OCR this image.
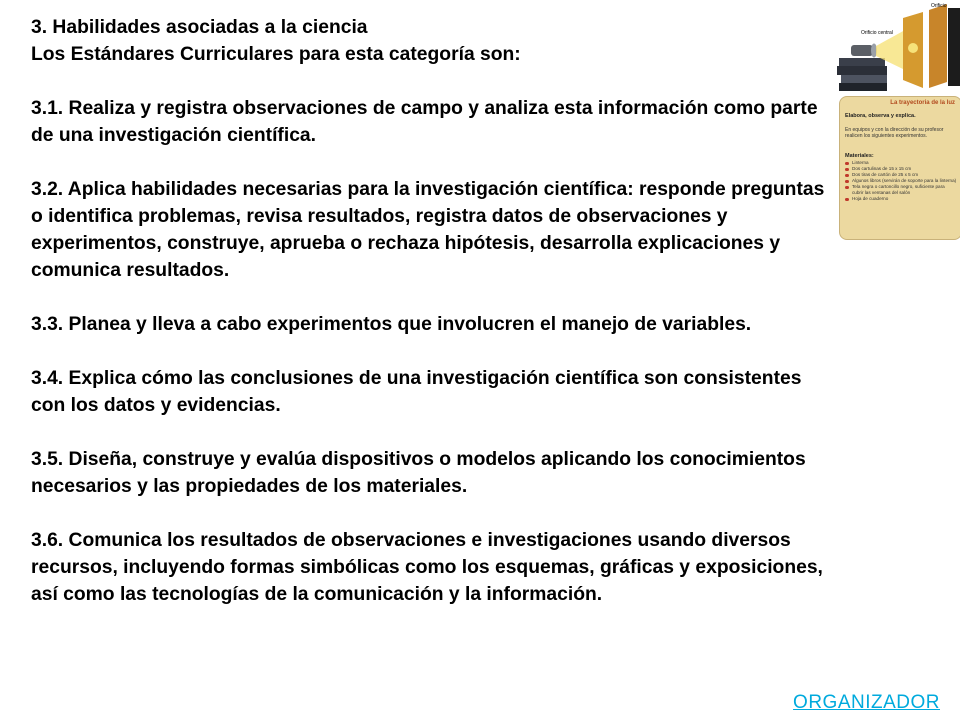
3. Habilidades asociadas a la ciencia

Los Estándares Curriculares para esta categoría son:

3.1. Realiza y registra observaciones de campo y analiza esta información como parte de una investigación científica.

3.2. Aplica habilidades necesarias para la investigación científica: responde preguntas o identifica problemas, revisa resultados, registra datos de observaciones y experimentos, construye, aprueba o rechaza hipótesis, desarrolla explicaciones y comunica resultados.

3.3. Planea y lleva a cabo experimentos que involucren el manejo de variables.

3.4. Explica cómo las conclusiones de una investigación científica son consistentes con los datos y evidencias.

3.5. Diseña, construye y evalúa dispositivos o modelos aplicando los conocimientos necesarios y las propiedades de los materiales.

3.6. Comunica los resultados de observaciones e investigaciones usando diversos recursos, incluyendo formas simbólicas como los esquemas, gráficas y exposiciones, así como las tecnologías de la comunicación y la información.

Orificio central
Orificio
La trayectoria de la luz
Elabora, observa y explica.
En equipos y con la dirección de su profesor realicen los siguientes experimentos.
Materiales:
Linterna
Dos cartulinas de 15 x 15 cm
Dos tiras de cartón de 25 x 5 cm
Algunos libros (servirán de soporte para la linterna)
Tela negra o cartoncillo negro, suficiente para cubrir las ventanas del salón
Hoja de cuaderno
ORGANIZADOR
